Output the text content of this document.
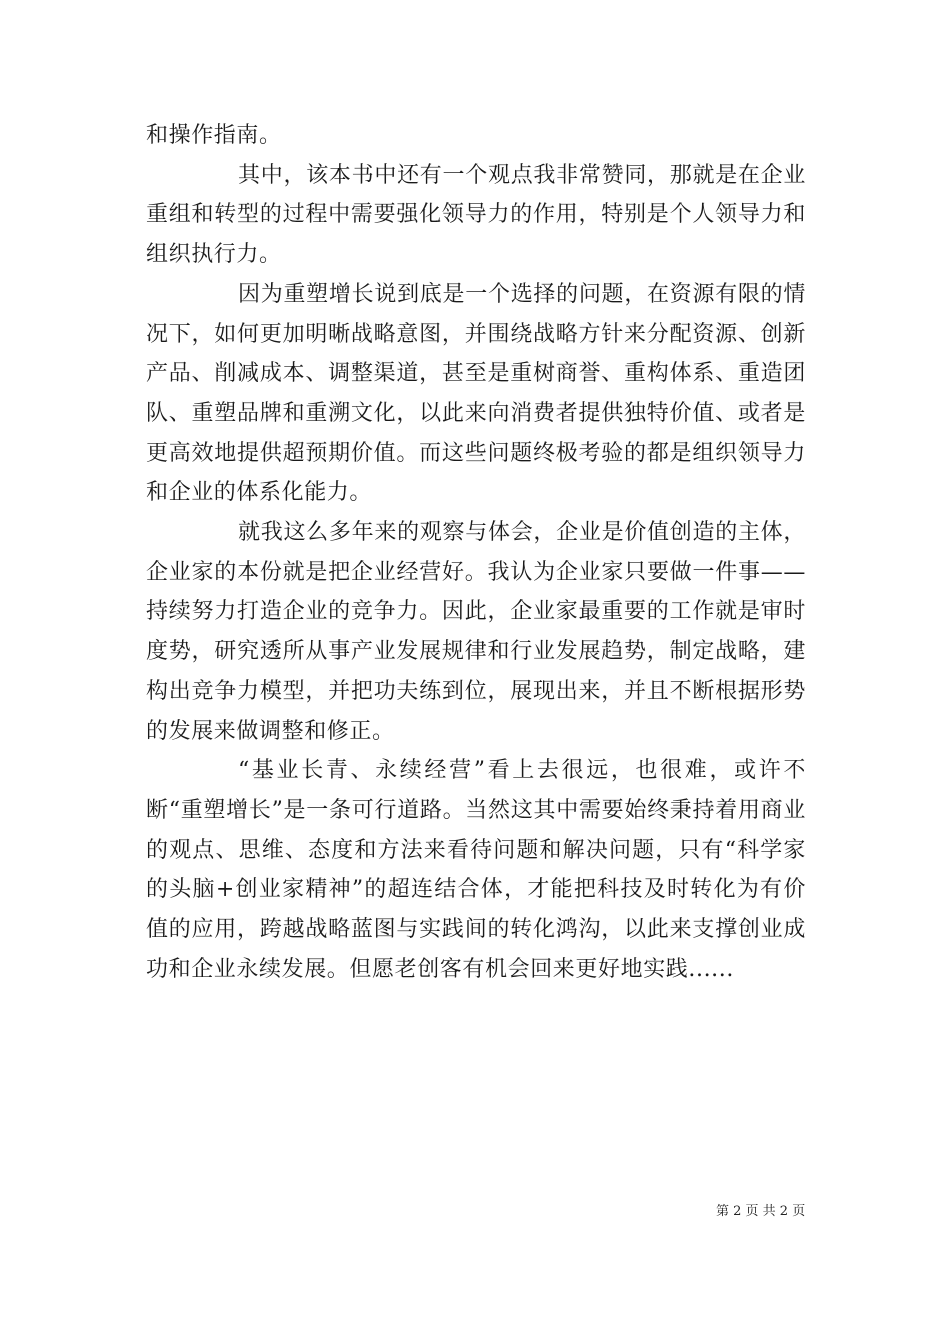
和操作指南。

其中，该本书中还有一个观点我非常赞同，那就是在企业重组和转型的过程中需要强化领导力的作用，特别是个人领导力和组织执行力。

因为重塑增长说到底是一个选择的问题，在资源有限的情况下，如何更加明晰战略意图，并围绕战略方针来分配资源、创新产品、削减成本、调整渠道，甚至是重树商誉、重构体系、重造团队、重塑品牌和重溯文化，以此来向消费者提供独特价值、或者是更高效地提供超预期价值。而这些问题终极考验的都是组织领导力和企业的体系化能力。

就我这么多年来的观察与体会，企业是价值创造的主体，企业家的本份就是把企业经营好。我认为企业家只要做一件事——持续努力打造企业的竞争力。因此，企业家最重要的工作就是审时度势，研究透所从事产业发展规律和行业发展趋势，制定战略，建构出竞争力模型，并把功夫练到位，展现出来，并且不断根据形势的发展来做调整和修正。

“基业长青、永续经营”看上去很远，也很难，或许不断“重塑增长”是一条可行道路。当然这其中需要始终秉持着用商业的观点、思维、态度和方法来看待问题和解决问题，只有“科学家的头脑+创业家精神”的超连结合体，才能把科技及时转化为有价值的应用，跨越战略蓝图与实践间的转化鸿沟，以此来支撑创业成功和企业永续发展。但愿老创客有机会回来更好地实践......

第 2 页 共 2 页
